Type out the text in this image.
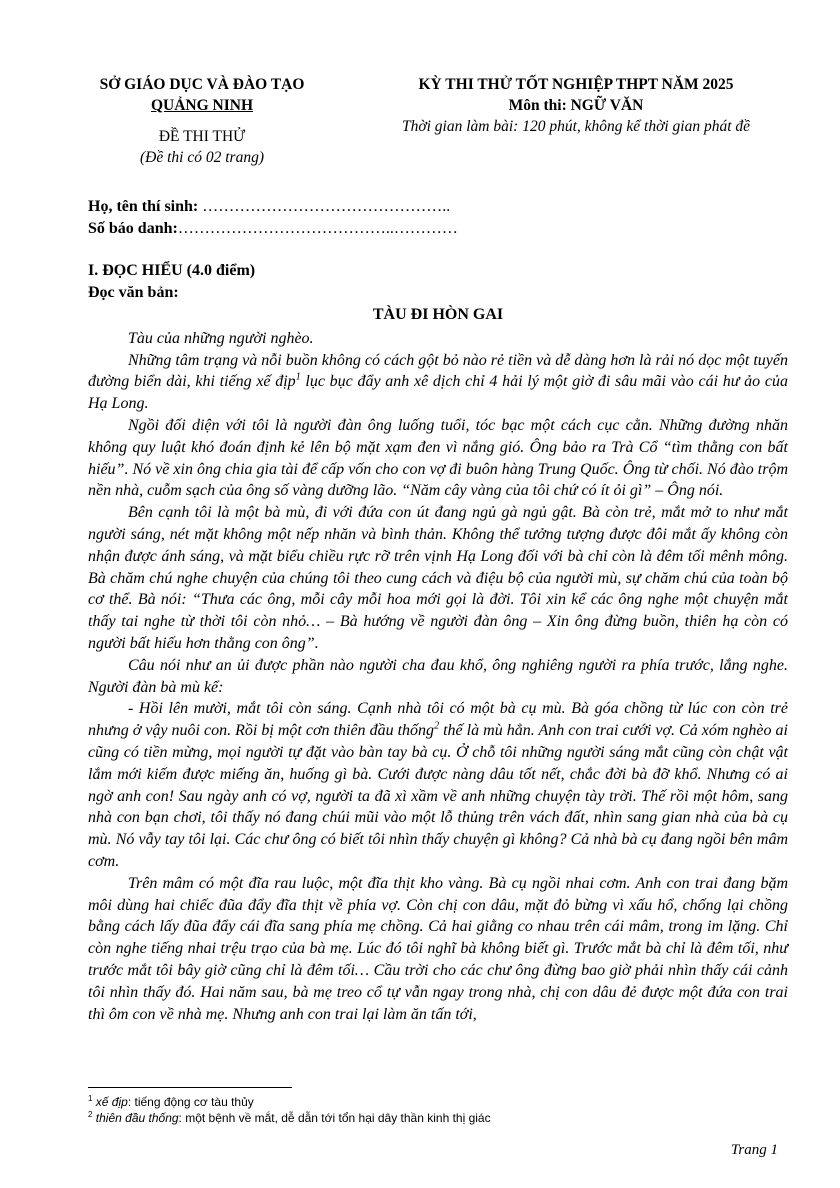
SỞ GIÁO DỤC VÀ ĐÀO TẠO
QUẢNG NINH
ĐỀ THI THỬ
(Đề thi có 02 trang)
KỲ THI THỬ TỐT NGHIỆP THPT NĂM 2025
Môn thi: NGỮ VĂN
Thời gian làm bài: 120 phút, không kể thời gian phát đề
Họ, tên thí sinh: ………………………………………..
Số báo danh:…………………………………..…………
I. ĐỌC HIỂU (4.0 điểm)
Đọc văn bản:
TÀU ĐI HÒN GAI

Tàu của những người nghèo.

Những tâm trạng và nỗi buồn không có cách gột bỏ nào rẻ tiền và dễ dàng hơn là rải nó dọc một tuyến đường biển dài, khi tiếng xế địp$^1$ lục bục đẩy anh xê dịch chỉ 4 hải lý một giờ đi sâu mãi vào cái hư ảo của Hạ Long.

Ngồi đối diện với tôi là người đàn ông luống tuổi, tóc bạc một cách cục cằn. Những đường nhăn không quy luật khó đoán định kẻ lên bộ mặt xạm đen vì nắng gió. Ông bảo ra Trà Cổ “tìm thằng con bất hiếu”. Nó về xin ông chia gia tài để cấp vốn cho con vợ đi buôn hàng Trung Quốc. Ông từ chối. Nó đào trộm nền nhà, cuỗm sạch của ông số vàng dưỡng lão. “Năm cây vàng của tôi chứ có ít ỏi gì” – Ông nói.

Bên cạnh tôi là một bà mù, đi với đứa con út đang ngủ gà ngủ gật. Bà còn trẻ, mắt mở to như mắt người sáng, nét mặt không một nếp nhăn và bình thản. Không thể tưởng tượng được đôi mắt ấy không còn nhận được ánh sáng, và mặt biểu chiều rực rỡ trên vịnh Hạ Long đối với bà chỉ còn là đêm tối mênh mông. Bà chăm chú nghe chuyện của chúng tôi theo cung cách và điệu bộ của người mù, sự chăm chú của toàn bộ cơ thể. Bà nói: “Thưa các ông, mỗi cây mỗi hoa mới gọi là đời. Tôi xin kể các ông nghe một chuyện mắt thấy tai nghe từ thời tôi còn nhỏ… – Bà hướng về người đàn ông – Xin ông đừng buồn, thiên hạ còn có người bất hiếu hơn thằng con ông”.

Câu nói như an ủi được phần nào người cha đau khổ, ông nghiêng người ra phía trước, lắng nghe. Người đàn bà mù kể:

- Hồi lên mười, mắt tôi còn sáng. Cạnh nhà tôi có một bà cụ mù. Bà góa chồng từ lúc con còn trẻ nhưng ở vậy nuôi con. Rồi bị một cơn thiên đầu thống$^2$ thế là mù hẳn. Anh con trai cưới vợ. Cả xóm nghèo ai cũng có tiền mừng, mọi người tự đặt vào bàn tay bà cụ. Ở chỗ tôi những người sáng mắt cũng còn chật vật lắm mới kiếm được miếng ăn, huống gì bà. Cưới được nàng dâu tốt nết, chắc đời bà đỡ khổ. Nhưng có ai ngờ anh con! Sau ngày anh có vợ, người ta đã xì xầm về anh những chuyện tày trời. Thế rồi một hôm, sang nhà con bạn chơi, tôi thấy nó đang chúi mũi vào một lỗ thủng trên vách đất, nhìn sang gian nhà của bà cụ mù. Nó vẫy tay tôi lại. Các chư ông có biết tôi nhìn thấy chuyện gì không? Cả nhà bà cụ đang ngồi bên mâm cơm.

Trên mâm có một đĩa rau luộc, một đĩa thịt kho vàng. Bà cụ ngồi nhai cơm. Anh con trai đang bặm môi dùng hai chiếc đũa đẩy đĩa thịt về phía vợ. Còn chị con dâu, mặt đỏ bừng vì xấu hổ, chống lại chồng bằng cách lấy đũa đẩy cái đĩa sang phía mẹ chồng. Cả hai giằng co nhau trên cái mâm, trong im lặng. Chỉ còn nghe tiếng nhai trệu trạo của bà mẹ. Lúc đó tôi nghĩ bà không biết gì. Trước mắt bà chỉ là đêm tối, như trước mắt tôi bây giờ cũng chỉ là đêm tối… Cầu trời cho các chư ông đừng bao giờ phải nhìn thấy cái cảnh tôi nhìn thấy đó. Hai năm sau, bà mẹ treo cổ tự vẫn ngay trong nhà, chị con dâu đẻ được một đứa con trai thì ôm con về nhà mẹ. Nhưng anh con trai lại làm ăn tấn tới,

$^1$ xế địp: tiếng động cơ tàu thủy
$^2$ thiên đầu thống: một bệnh về mắt, dễ dẫn tới tổn hại dây thần kinh thị giác
Trang 1
